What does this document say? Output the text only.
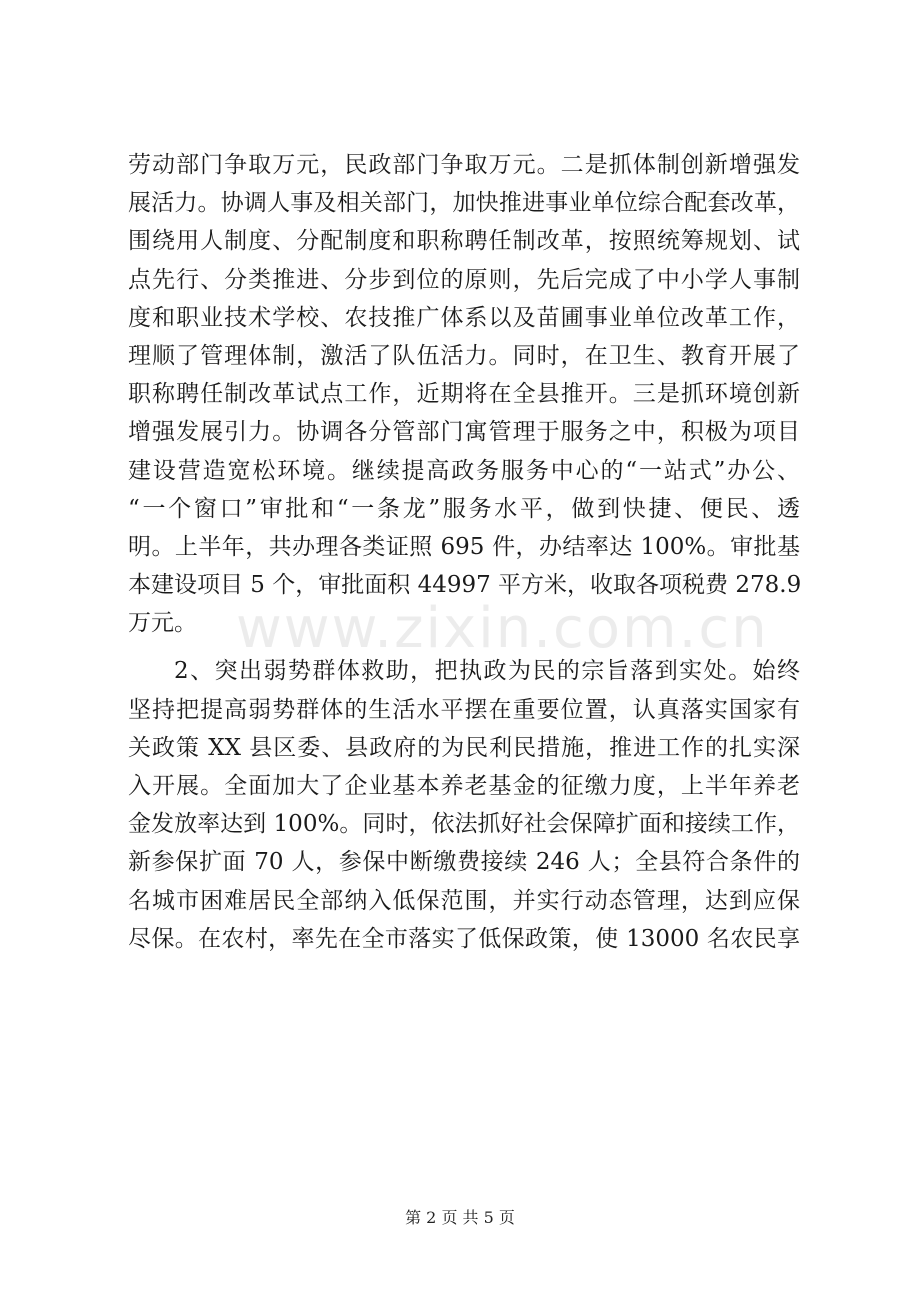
劳动部门争取万元，民政部门争取万元。二是抓体制创新增强发
展活力。协调人事及相关部门，加快推进事业单位综合配套改革，
围绕用人制度、分配制度和职称聘任制改革，按照统筹规划、试
点先行、分类推进、分步到位的原则，先后完成了中小学人事制
度和职业技术学校、农技推广体系以及苗圃事业单位改革工作，
理顺了管理体制，激活了队伍活力。同时，在卫生、教育开展了
职称聘任制改革试点工作，近期将在全县推开。三是抓环境创新
增强发展引力。协调各分管部门寓管理于服务之中，积极为项目
建设营造宽松环境。继续提高政务服务中心的“一站式”办公、
“一个窗口”审批和“一条龙”服务水平，做到快捷、便民、透
明。上半年，共办理各类证照 695 件，办结率达 100%。审批基
本建设项目 5 个，审批面积 44997 平方米，收取各项税费 278.9
万元。
2、突出弱势群体救助，把执政为民的宗旨落到实处。始终
坚持把提高弱势群体的生活水平摆在重要位置，认真落实国家有
关政策 XX 县区委、县政府的为民利民措施，推进工作的扎实深
入开展。全面加大了企业基本养老基金的征缴力度，上半年养老
金发放率达到 100%。同时，依法抓好社会保障扩面和接续工作，
新参保扩面 70 人，参保中断缴费接续 246 人；全县符合条件的
名城市困难居民全部纳入低保范围，并实行动态管理，达到应保
尽保。在农村，率先在全市落实了低保政策，使 13000 名农民享
www.zixin.com.cn
第 2 页 共 5 页
